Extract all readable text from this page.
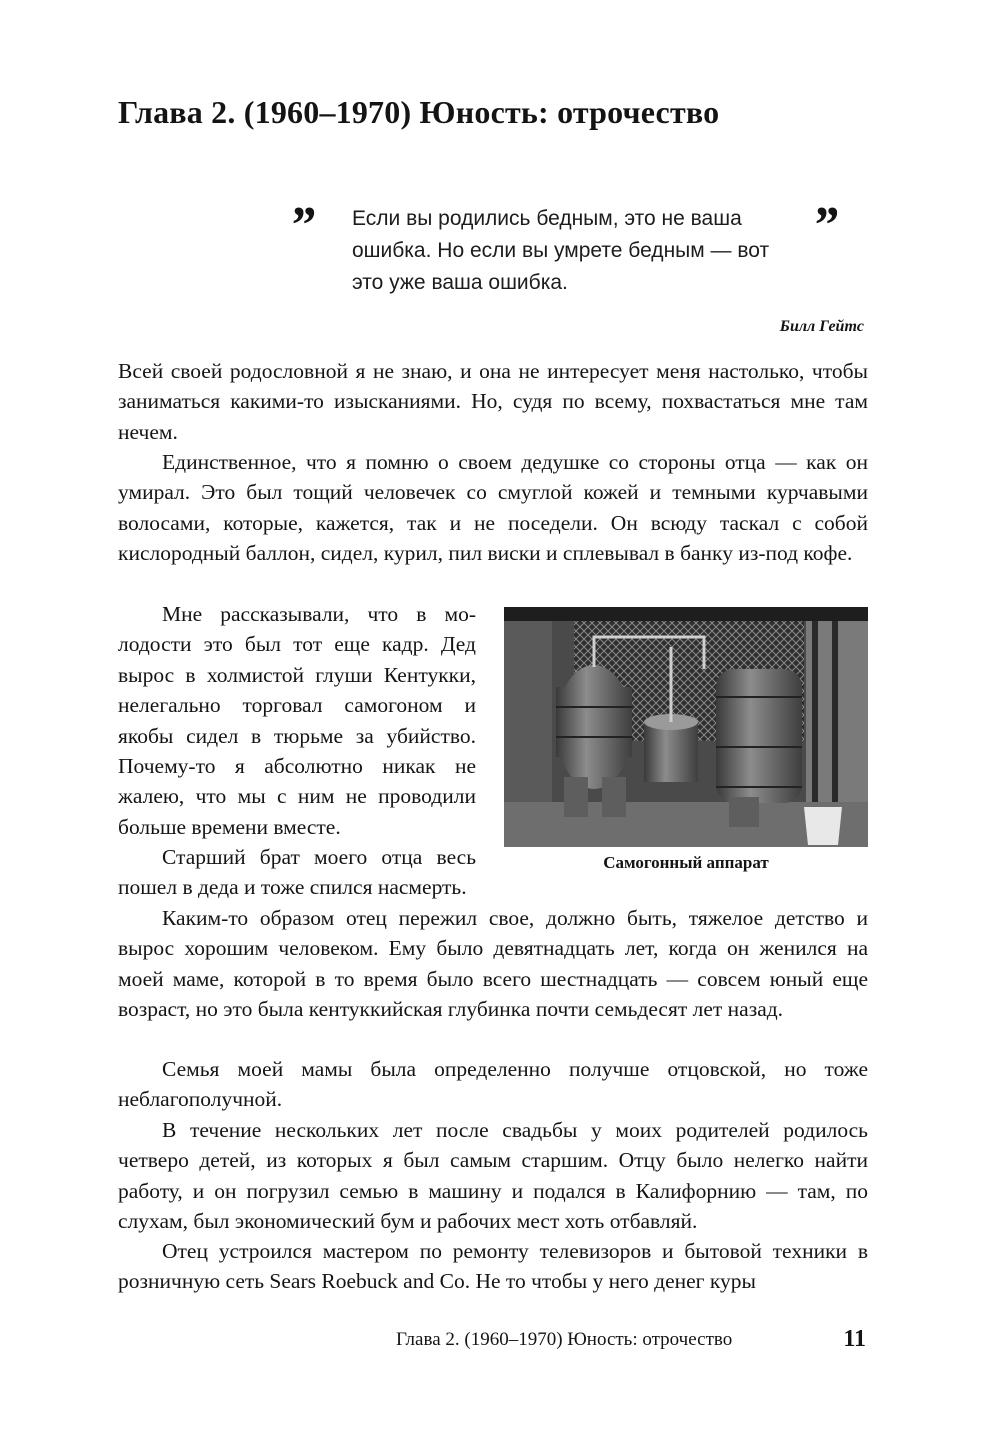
Глава 2. (1960–1970) Юность: отрочество
” Если вы родились бедным, это не ваша ошибка. Но если вы умрете бедным — вот это уже ваша ошибка.
”
Билл Гейтс

Всей своей родословной я не знаю, и она не интересует меня настолько, чтобы заниматься какими-то изысканиями. Но, судя по всему, похвастаться мне там нечем.

Единственное, что я помню о своем дедушке со стороны отца — как он умирал. Это был тощий человечек со смуглой кожей и темными курчавыми волосами, которые, кажется, так и не поседели. Он всюду таскал с собой кислородный баллон, сидел, курил, пил виски и сплевывал в банку из-под кофе.

Мне рассказывали, что в молодости это был тот еще кадр. Дед вырос в холмистой глуши Кентукки, нелегально торговал самогоном и якобы сидел в тюрьме за убийство. Почему-то я абсолютно никак не жалею, что мы с ним не проводили больше времени вместе.

Старший брат моего отца весь пошел в деда и тоже спился насмерть.

Каким-то образом отец пережил свое, должно быть, тяжелое детство и вырос хорошим человеком. Ему было девятнадцать лет, когда он женился на моей маме, которой в то время было всего шестнадцать — совсем юный еще возраст, но это была кентуккийская глубинка почти семьдесят лет назад.

Семья моей мамы была определенно получше отцовской, но тоже неблагополучной.

В течение нескольких лет после свадьбы у моих родителей родилось четверо детей, из которых я был самым старшим. Отцу было нелегко найти работу, и он погрузил семью в машину и подался в Калифорнию — там, по слухам, был экономический бум и рабочих мест хоть отбавляй.

Отец устроился мастером по ремонту телевизоров и бытовой техники в розничную сеть Sears Roebuck and Co. Не то чтобы у него денег куры

Самогонный аппарат
Глава 2. (1960–1970) Юность: отрочество	11
